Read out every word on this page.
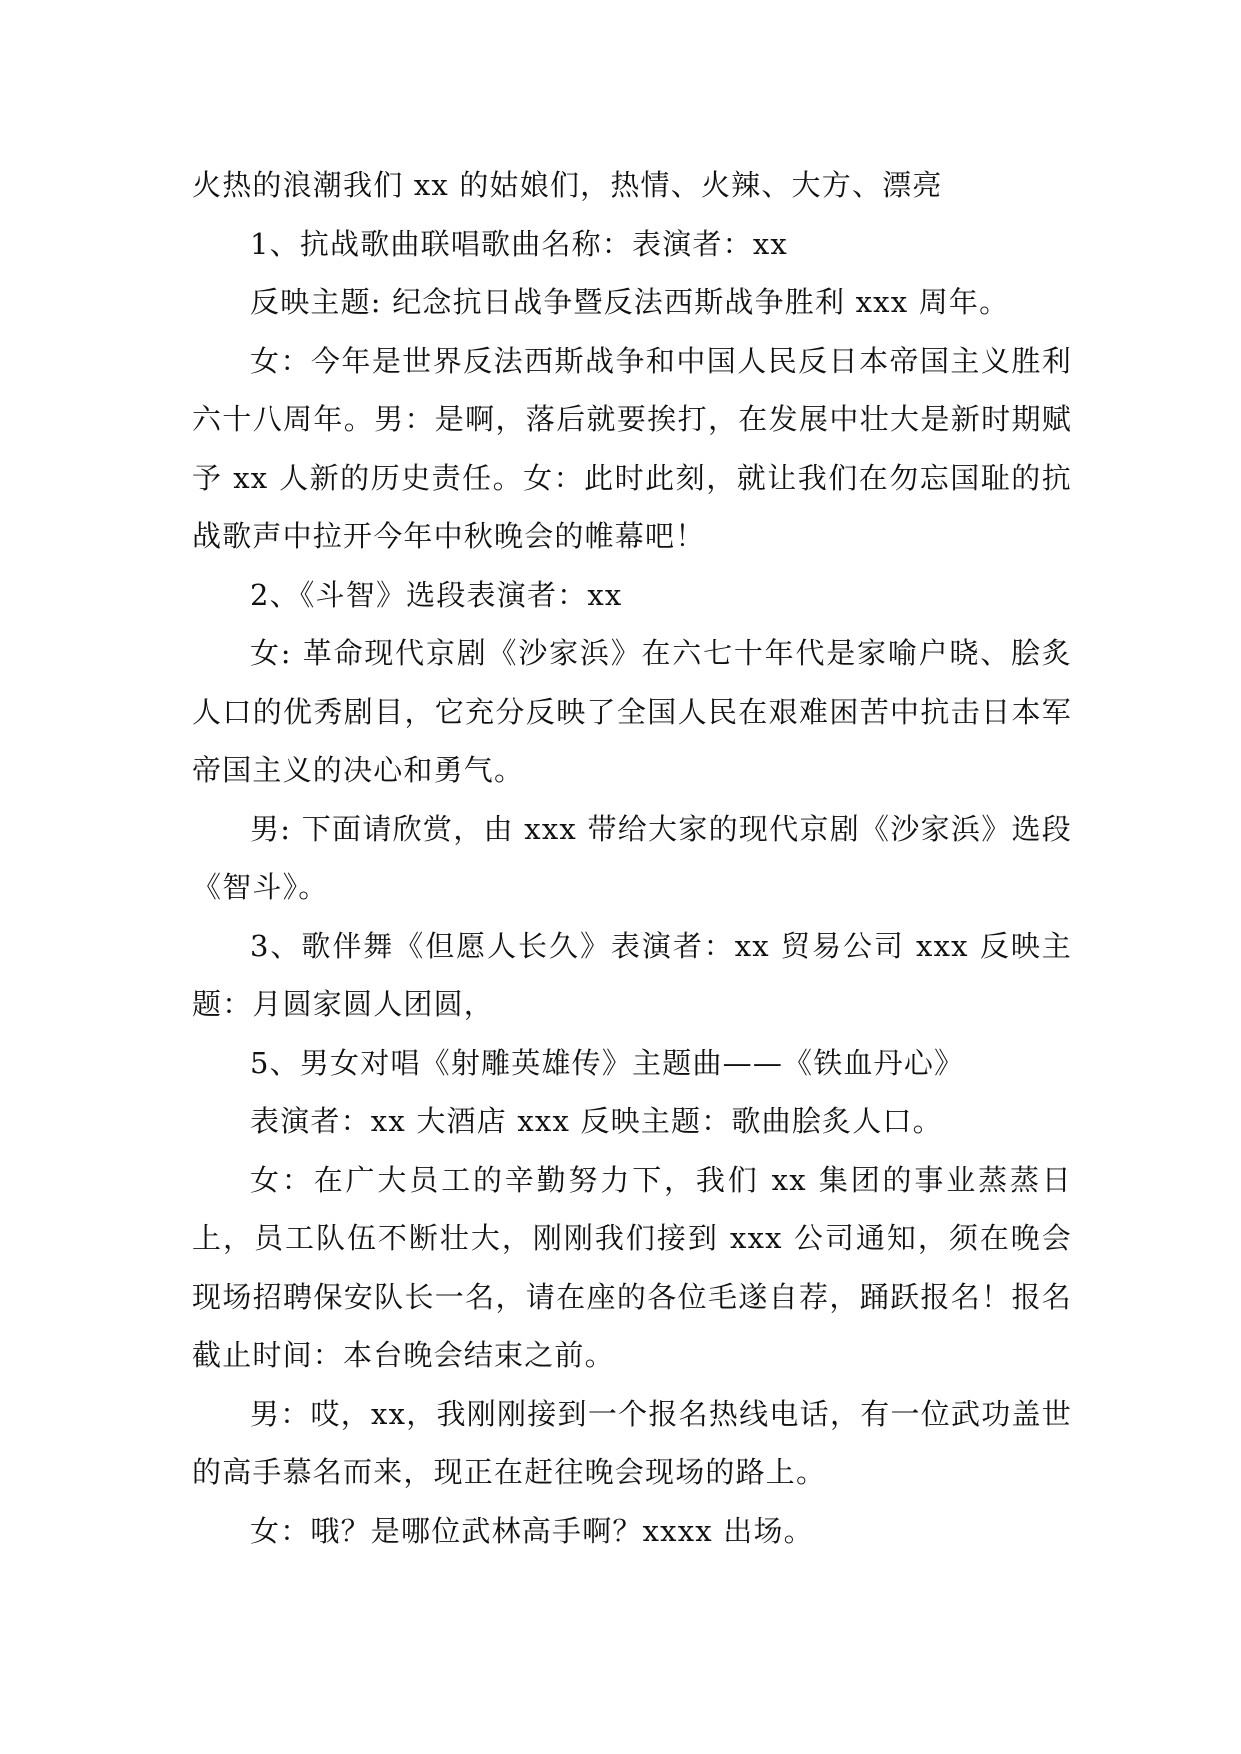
火热的浪潮我们 xx 的姑娘们，热情、火辣、大方、漂亮

1、抗战歌曲联唱歌曲名称：表演者：xx

反映主题: 纪念抗日战争暨反法西斯战争胜利 xxx 周年。

女：今年是世界反法西斯战争和中国人民反日本帝国主义胜利六十八周年。男：是啊，落后就要挨打，在发展中壮大是新时期赋予 xx 人新的历史责任。女：此时此刻，就让我们在勿忘国耻的抗战歌声中拉开今年中秋晚会的帷幕吧！

2、《斗智》选段表演者：xx

女: 革命现代京剧《沙家浜》在六七十年代是家喻户晓、脍炙人口的优秀剧目，它充分反映了全国人民在艰难困苦中抗击日本军帝国主义的决心和勇气。

男: 下面请欣赏，由 xxx 带给大家的现代京剧《沙家浜》选段《智斗》。

3、歌伴舞《但愿人长久》表演者：xx 贸易公司 xxx 反映主题：月圆家圆人团圆，

5、男女对唱《射雕英雄传》主题曲——《铁血丹心》

表演者：xx 大酒店 xxx 反映主题：歌曲脍炙人口。

女：在广大员工的辛勤努力下，我们 xx 集团的事业蒸蒸日上，员工队伍不断壮大，刚刚我们接到 xxx 公司通知，须在晚会现场招聘保安队长一名，请在座的各位毛遂自荐，踊跃报名！报名截止时间：本台晚会结束之前。

男：哎，xx，我刚刚接到一个报名热线电话，有一位武功盖世的高手慕名而来，现正在赶往晚会现场的路上。

女：哦？是哪位武林高手啊？xxxx 出场。
